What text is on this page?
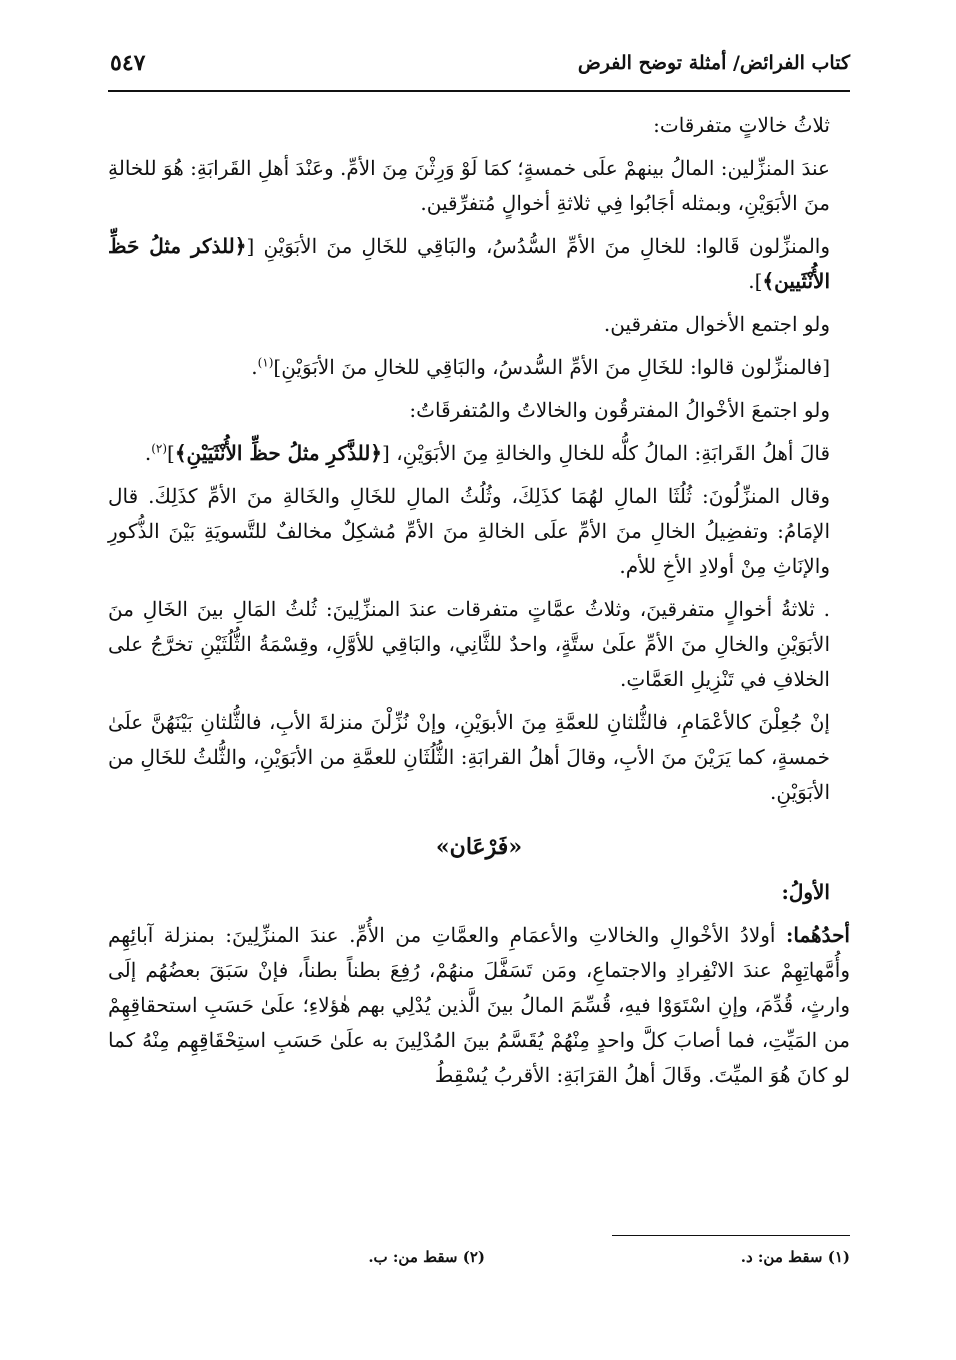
كتاب الفرائض/ أمثلة توضح الفرض
٥٤٧

ثلاثُ خالاتٍ متفرقات:

عندَ المنزِّلين: المالُ بينهمْ علَى خمسةٍ؛ كمَا لَوْ وَرِثْنَ مِنَ الأمِّ. وعَنْدَ أهلِ القَرابَةِ: هُوَ للخالةِ منَ الأبَوَيْنِ، وبمثله أجَابُوا فِي ثلاثةِ أخوالٍ مُتفرِّقين.

والمنزِّلون قَالوا: للخالِ منَ الأمِّ السُّدُسُ، والبَاقِي للخَالِ منَ الأبَوَيْنِ [﴿للذكر مثلُ حَظِّ الأُنْثَيين﴾].

ولو اجتمع الأخوال متفرقين.

[فالمنزِّلون قالوا: للخَالِ منَ الأمِّ السُّدسُ، والبَاقِي للخالِ منَ الأبَوَيْنِ]$^{(١)}$.

ولو اجتمعَ الأخْوالُ المفترقُون والخالاتُ والمُتفرقَاتُ:

قالَ أهلُ القَرابَةِ: المالُ كلُّه للخالِ والخالةِ مِنَ الأبَوَيْنِ، [﴿للذَّكرِ مثلُ حظِّ الأُنْثَيَيْنِ﴾]$^{(٢)}$.

وقال المنزِّلُونَ: ثُلُثَا المالِ لهُمَا كذَلِكَ، وثُلُثُ المالِ للخَالِ والخَالةِ منَ الأمِّ كذَلِكَ. قال الإمَامُ: وتفضِيلُ الخالِ منَ الأمِّ علَى الخالةِ منَ الأمِّ مُشكِلٌ مخالفٌ للتَّسويَةِ بَيْنَ الذُّكورِ والإنَاثِ مِنْ أولادِ الأخِ للأم.

. ثلاثةُ أخوالٍ متفرقينَ، وثلاثُ عمَّاتٍ متفرقات عندَ المنزِّلِينَ: ثُلثُ المَالِ بينَ الخَالِ منَ الأبَوَيْنِ والخالِ منَ الأمِّ علَىٰ ستَّةٍ، واحدٌ للثَّانِي، والبَاقِي للأوَّلِ، وقِسْمَةُ الثُّلُثَيْنِ تخرَّجُ على الخلافِ في تَنْزِيلِ العَمَّاتِ.

إنْ جُعِلْنَ كالأعْمَامِ، فالثُّلثانِ للعمَّةِ مِنَ الأبوَيْنِ، وإنْ نُزِّلْنَ منزلةَ الأبِ، فالثُّلثانِ بَيْنَهُنَّ علَىٰ خمسةٍ، كما يَرَيْنَ منَ الأبِ، وقالَ أهلُ القرابَةِ: الثُّلُثَانِ للعمَّةِ من الأبَوَيْنِ، والثُّلثُ للخَالِ من الأبَوَيْنِ.

«فَرْعَان»

الأولُ:

أحدُهُما: أولادُ الأخْوالِ والخالاتِ والأعمَامِ والعمَّاتِ من الأُمِّ. عندَ المنزِّلِينَ: بمنزلة آبائِهِم وأُمَّهاتِهِمْ عندَ الانْفِرادِ والاجتماعِ، ومَن تَسَفَّلَ منهُمْ، رُفِعَ بطناً بطناً، فإنْ سَبَقَ بعضُهُم إلَى وارثٍ، قُدِّمَ، وإنِ اسْتَوَوْا فيهِ، قُسِّمَ المالُ بينَ الَّذين يُدْلِي بهم هٰؤلاءِ؛ علَىٰ حَسَبِ استحقاقِهِمْ من المَيِّتِ، فما أصابَ كلَّ واحدٍ مِنْهُمْ يُقَسَّمُ بينَ المُدْلِينَ به علَىٰ حَسَبِ استِحْقَاقِهِم مِنْهُ كما لو كانَ هُوَ الميِّتَ. وقَالَ أهلُ القرَابَةِ: الأقربُ يُسْقِطُ

(١) سقط من: د.
(٢) سقط من: ب.
